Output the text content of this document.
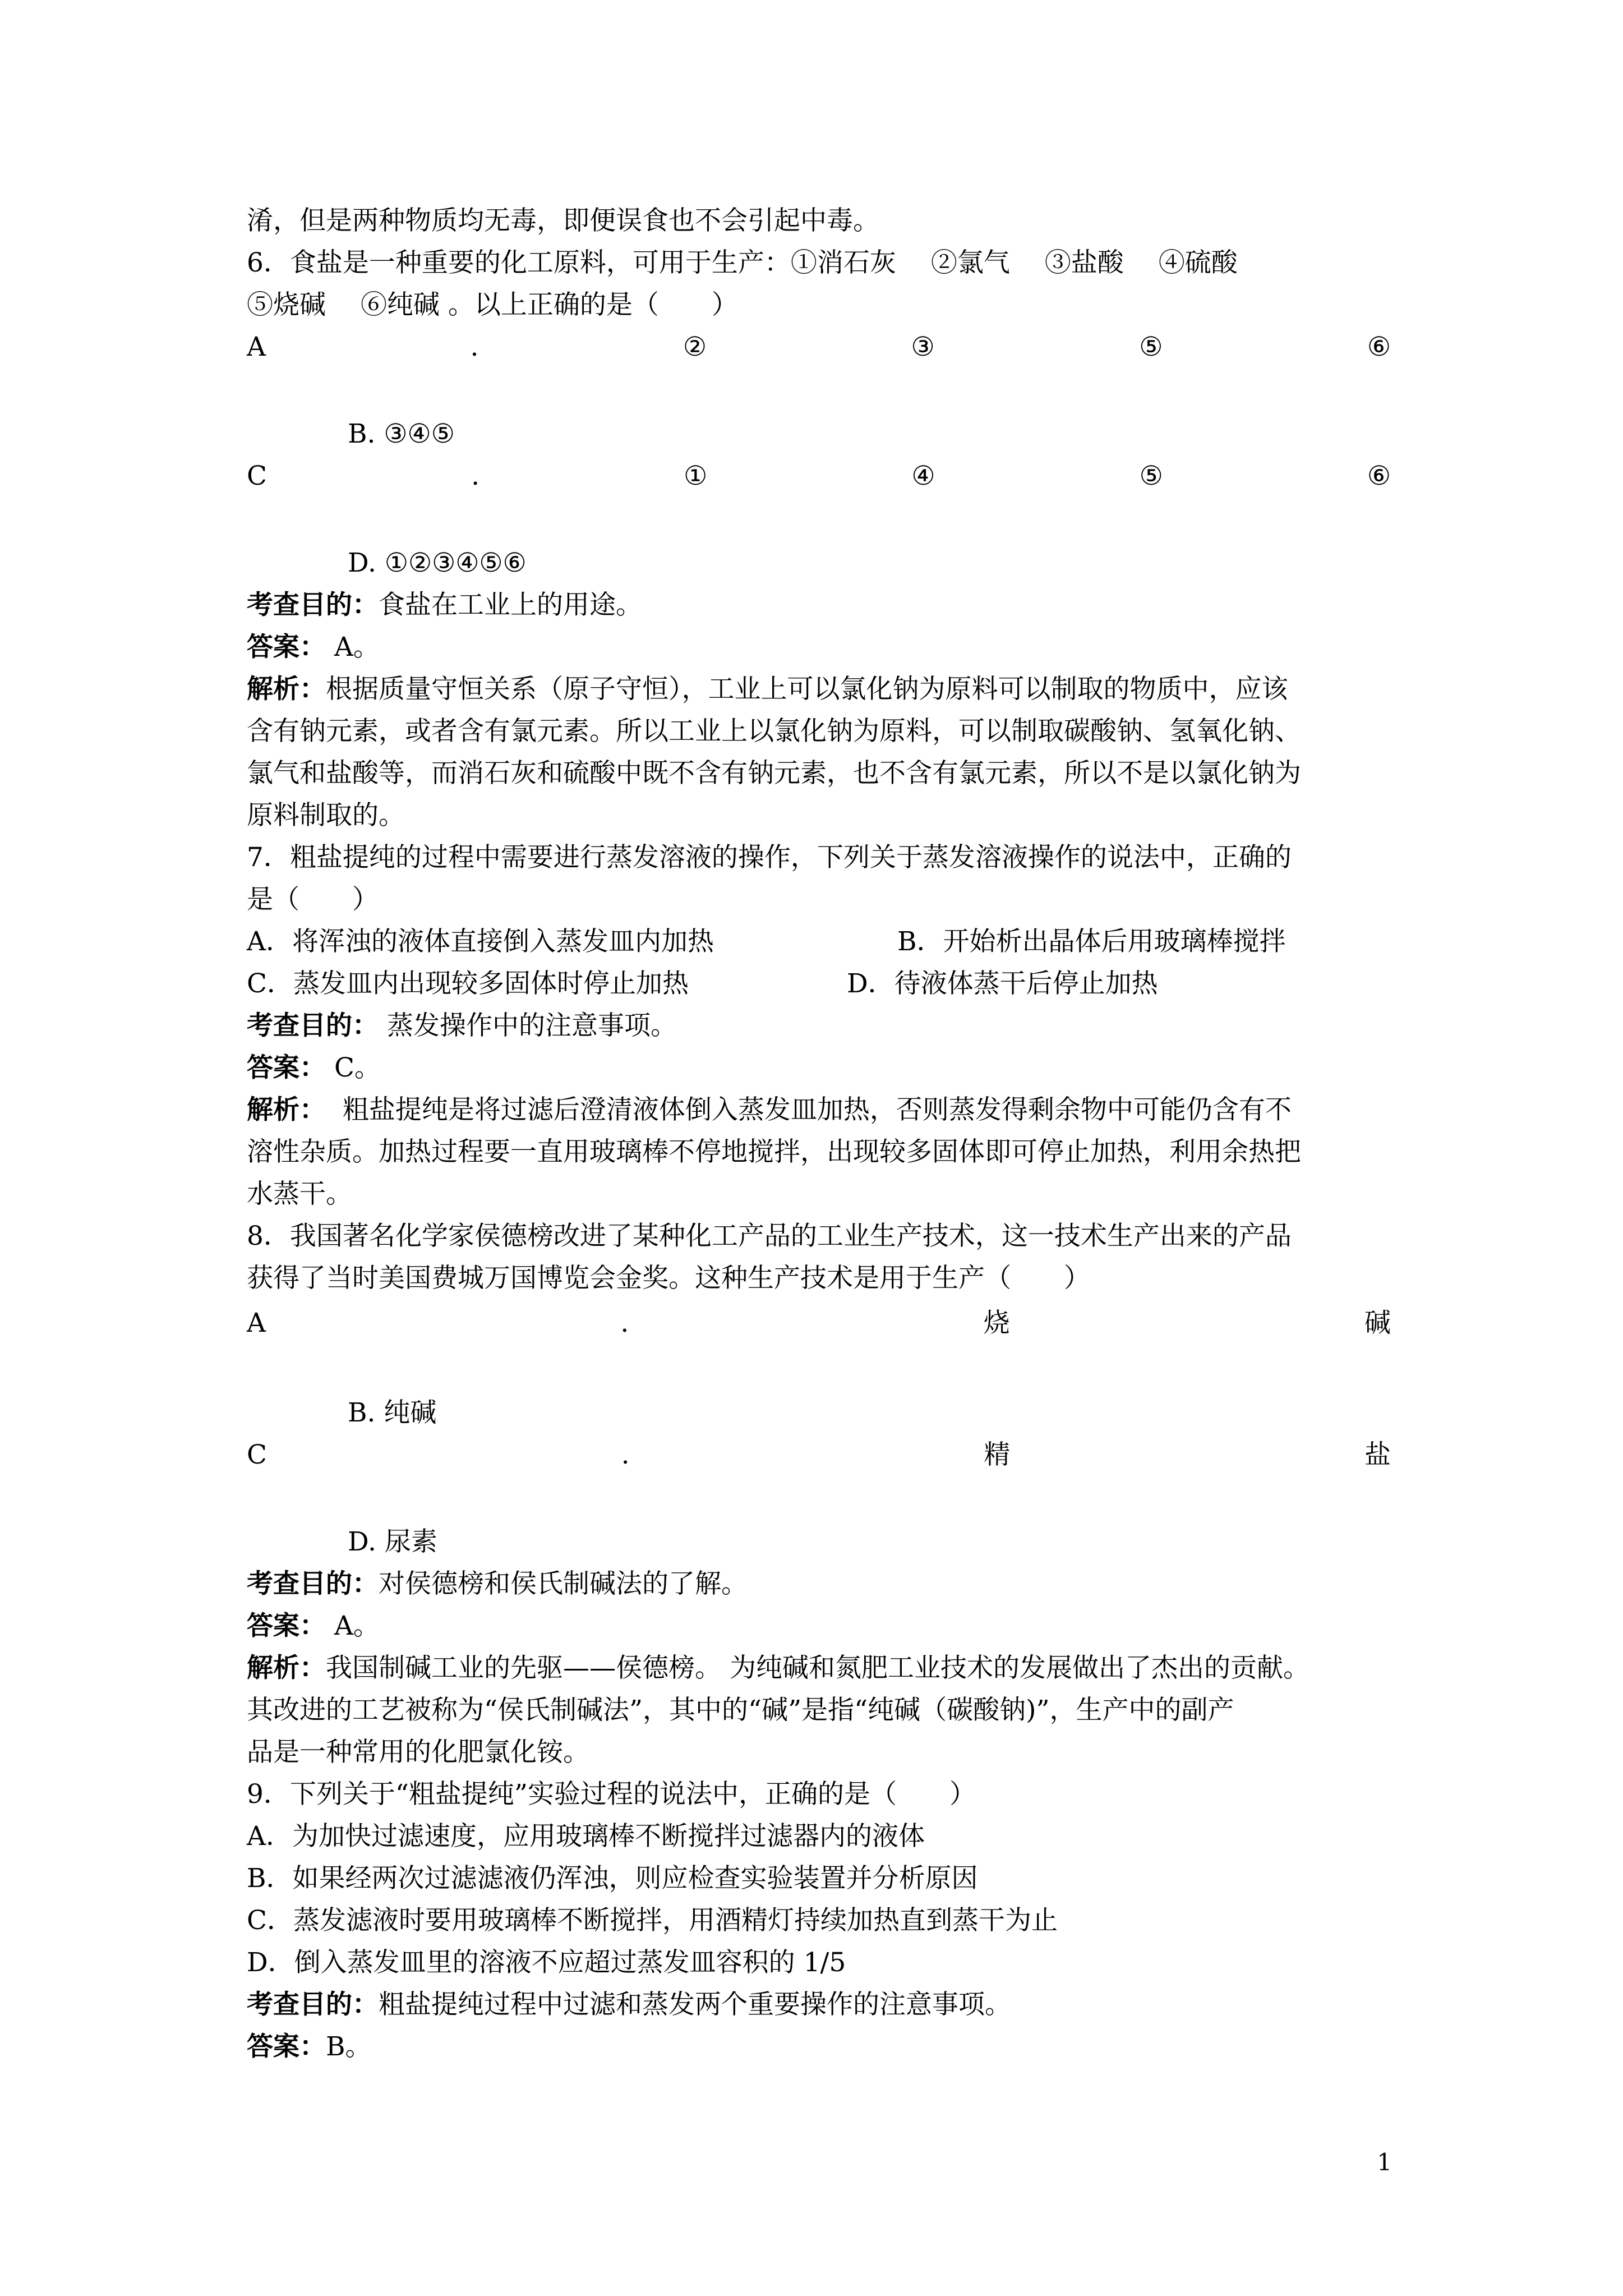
淆，但是两种物质均无毒，即便误食也不会引起中毒。
6．食盐是一种重要的化工原料，可用于生产：①消石灰　 ②氯气　 ③盐酸　 ④硫酸
⑤烧碱　 ⑥纯碱 。以上正确的是（　　）
A	.	②	③	⑤	⑥
B. ③④⑤
C	.	①	④	⑤	⑥
D. ①②③④⑤⑥
考查目的：食盐在工业上的用途。
答案： A。
解析：根据质量守恒关系（原子守恒），工业上可以氯化钠为原料可以制取的物质中，应该
含有钠元素，或者含有氯元素。所以工业上以氯化钠为原料，可以制取碳酸钠、氢氧化钠、
氯气和盐酸等，而消石灰和硫酸中既不含有钠元素，也不含有氯元素，所以不是以氯化钠为
原料制取的。
7．粗盐提纯的过程中需要进行蒸发溶液的操作，下列关于蒸发溶液操作的说法中，正确的
是（　　）

A．将浑浊的液体直接倒入蒸发皿内加热

	B．开始析出晶体后用玻璃棒搅拌

C．蒸发皿内出现较多固体时停止加热

	D．待液体蒸干后停止加热

考查目的： 蒸发操作中的注意事项。
答案： C。
解析：  粗盐提纯是将过滤后澄清液体倒入蒸发皿加热，否则蒸发得剩余物中可能仍含有不
溶性杂质。加热过程要一直用玻璃棒不停地搅拌，出现较多固体即可停止加热，利用余热把
水蒸干。
8．我国著名化学家侯德榜改进了某种化工产品的工业生产技术，这一技术生产出来的产品
获得了当时美国费城万国博览会金奖。这种生产技术是用于生产（　　）
A	.	烧	碱
B. 纯碱
C	.	精	盐
D. 尿素
考查目的：对侯德榜和侯氏制碱法的了解。
答案： A。
解析：我国制碱工业的先驱——侯德榜。 为纯碱和氮肥工业技术的发展做出了杰出的贡献。
其改进的工艺被称为“侯氏制碱法”，其中的“碱”是指“纯碱（碳酸钠)”，生产中的副产
品是一种常用的化肥氯化铵。
9．下列关于“粗盐提纯”实验过程的说法中，正确的是（　　）
A．为加快过滤速度，应用玻璃棒不断搅拌过滤器内的液体
B．如果经两次过滤滤液仍浑浊，则应检查实验装置并分析原因
C．蒸发滤液时要用玻璃棒不断搅拌，用酒精灯持续加热直到蒸干为止
D．倒入蒸发皿里的溶液不应超过蒸发皿容积的 1/5
考查目的：粗盐提纯过程中过滤和蒸发两个重要操作的注意事项。
答案：B。
1
